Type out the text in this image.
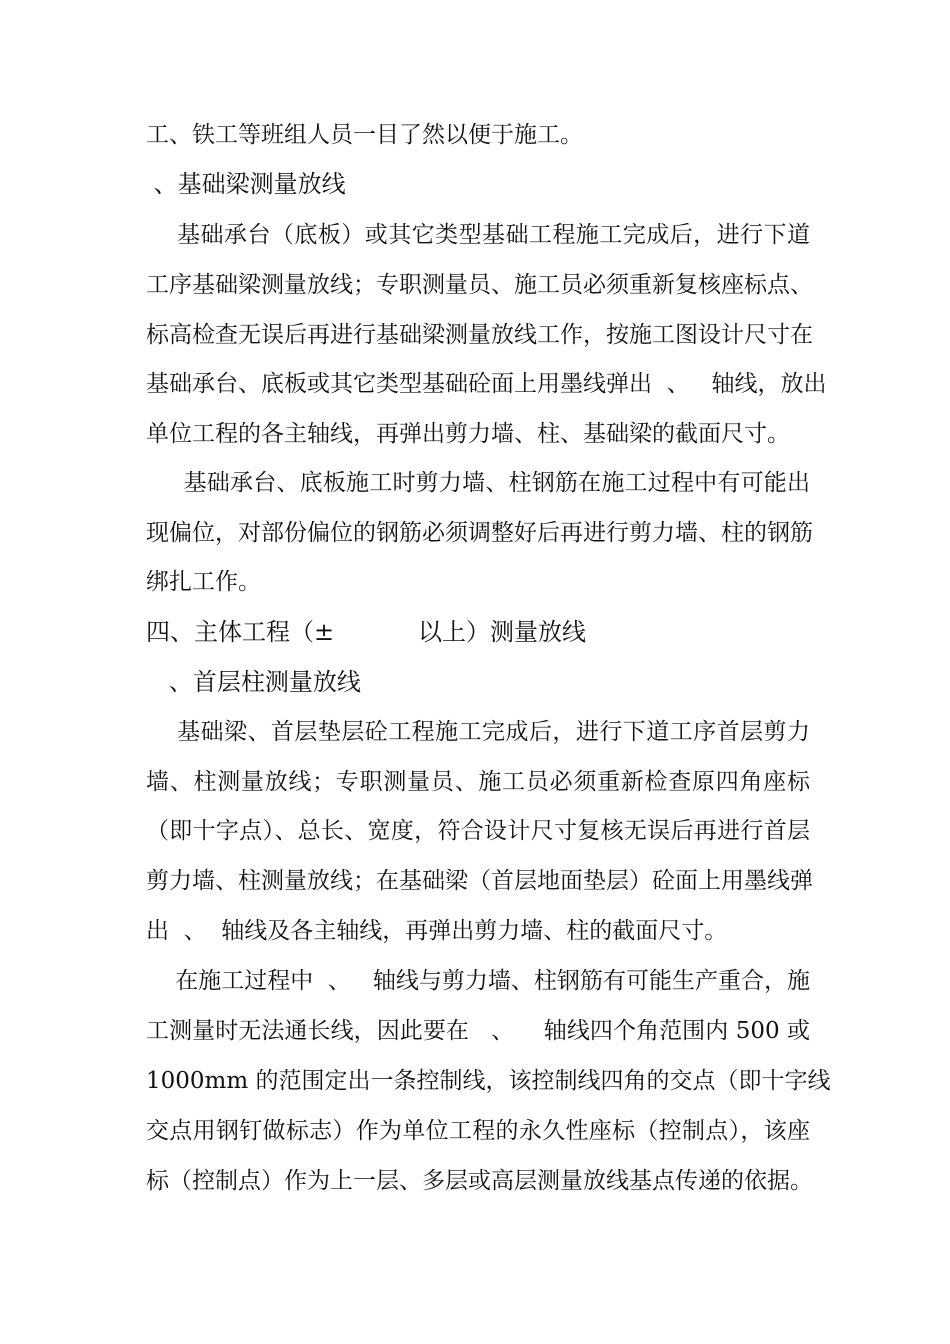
工、铁工等班组人员一目了然以便于施工。

、基础梁测量放线

基础承台（底板）或其它类型基础工程施工完成后，进行下道

工序基础梁测量放线；专职测量员、施工员必须重新复核座标点、

标高检查无误后再进行基础梁测量放线工作，按施工图设计尺寸在

基础承台、底板或其它类型基础砼面上用墨线弹出  、   轴线，放出

单位工程的各主轴线，再弹出剪力墙、柱、基础梁的截面尺寸。

基础承台、底板施工时剪力墙、柱钢筋在施工过程中有可能出

现偏位，对部份偏位的钢筋必须调整好后再进行剪力墙、柱的钢筋

绑扎工作。

四、主体工程（±           以上）测量放线

、首层柱测量放线

基础梁、首层垫层砼工程施工完成后，进行下道工序首层剪力

墙、柱测量放线；专职测量员、施工员必须重新检查原四角座标

（即十字点）、总长、宽度，符合设计尺寸复核无误后再进行首层

剪力墙、柱测量放线；在基础梁（首层地面垫层）砼面上用墨线弹

出  、  轴线及各主轴线，再弹出剪力墙、柱的截面尺寸。

在施工过程中  、   轴线与剪力墙、柱钢筋有可能生产重合，施

工测量时无法通长线，因此要在   、    轴线四个角范围内 500 或

1000mm 的范围定出一条控制线，该控制线四角的交点（即十字线

交点用钢钉做标志）作为单位工程的永久性座标（控制点），该座

标（控制点）作为上一层、多层或高层测量放线基点传递的依据。
